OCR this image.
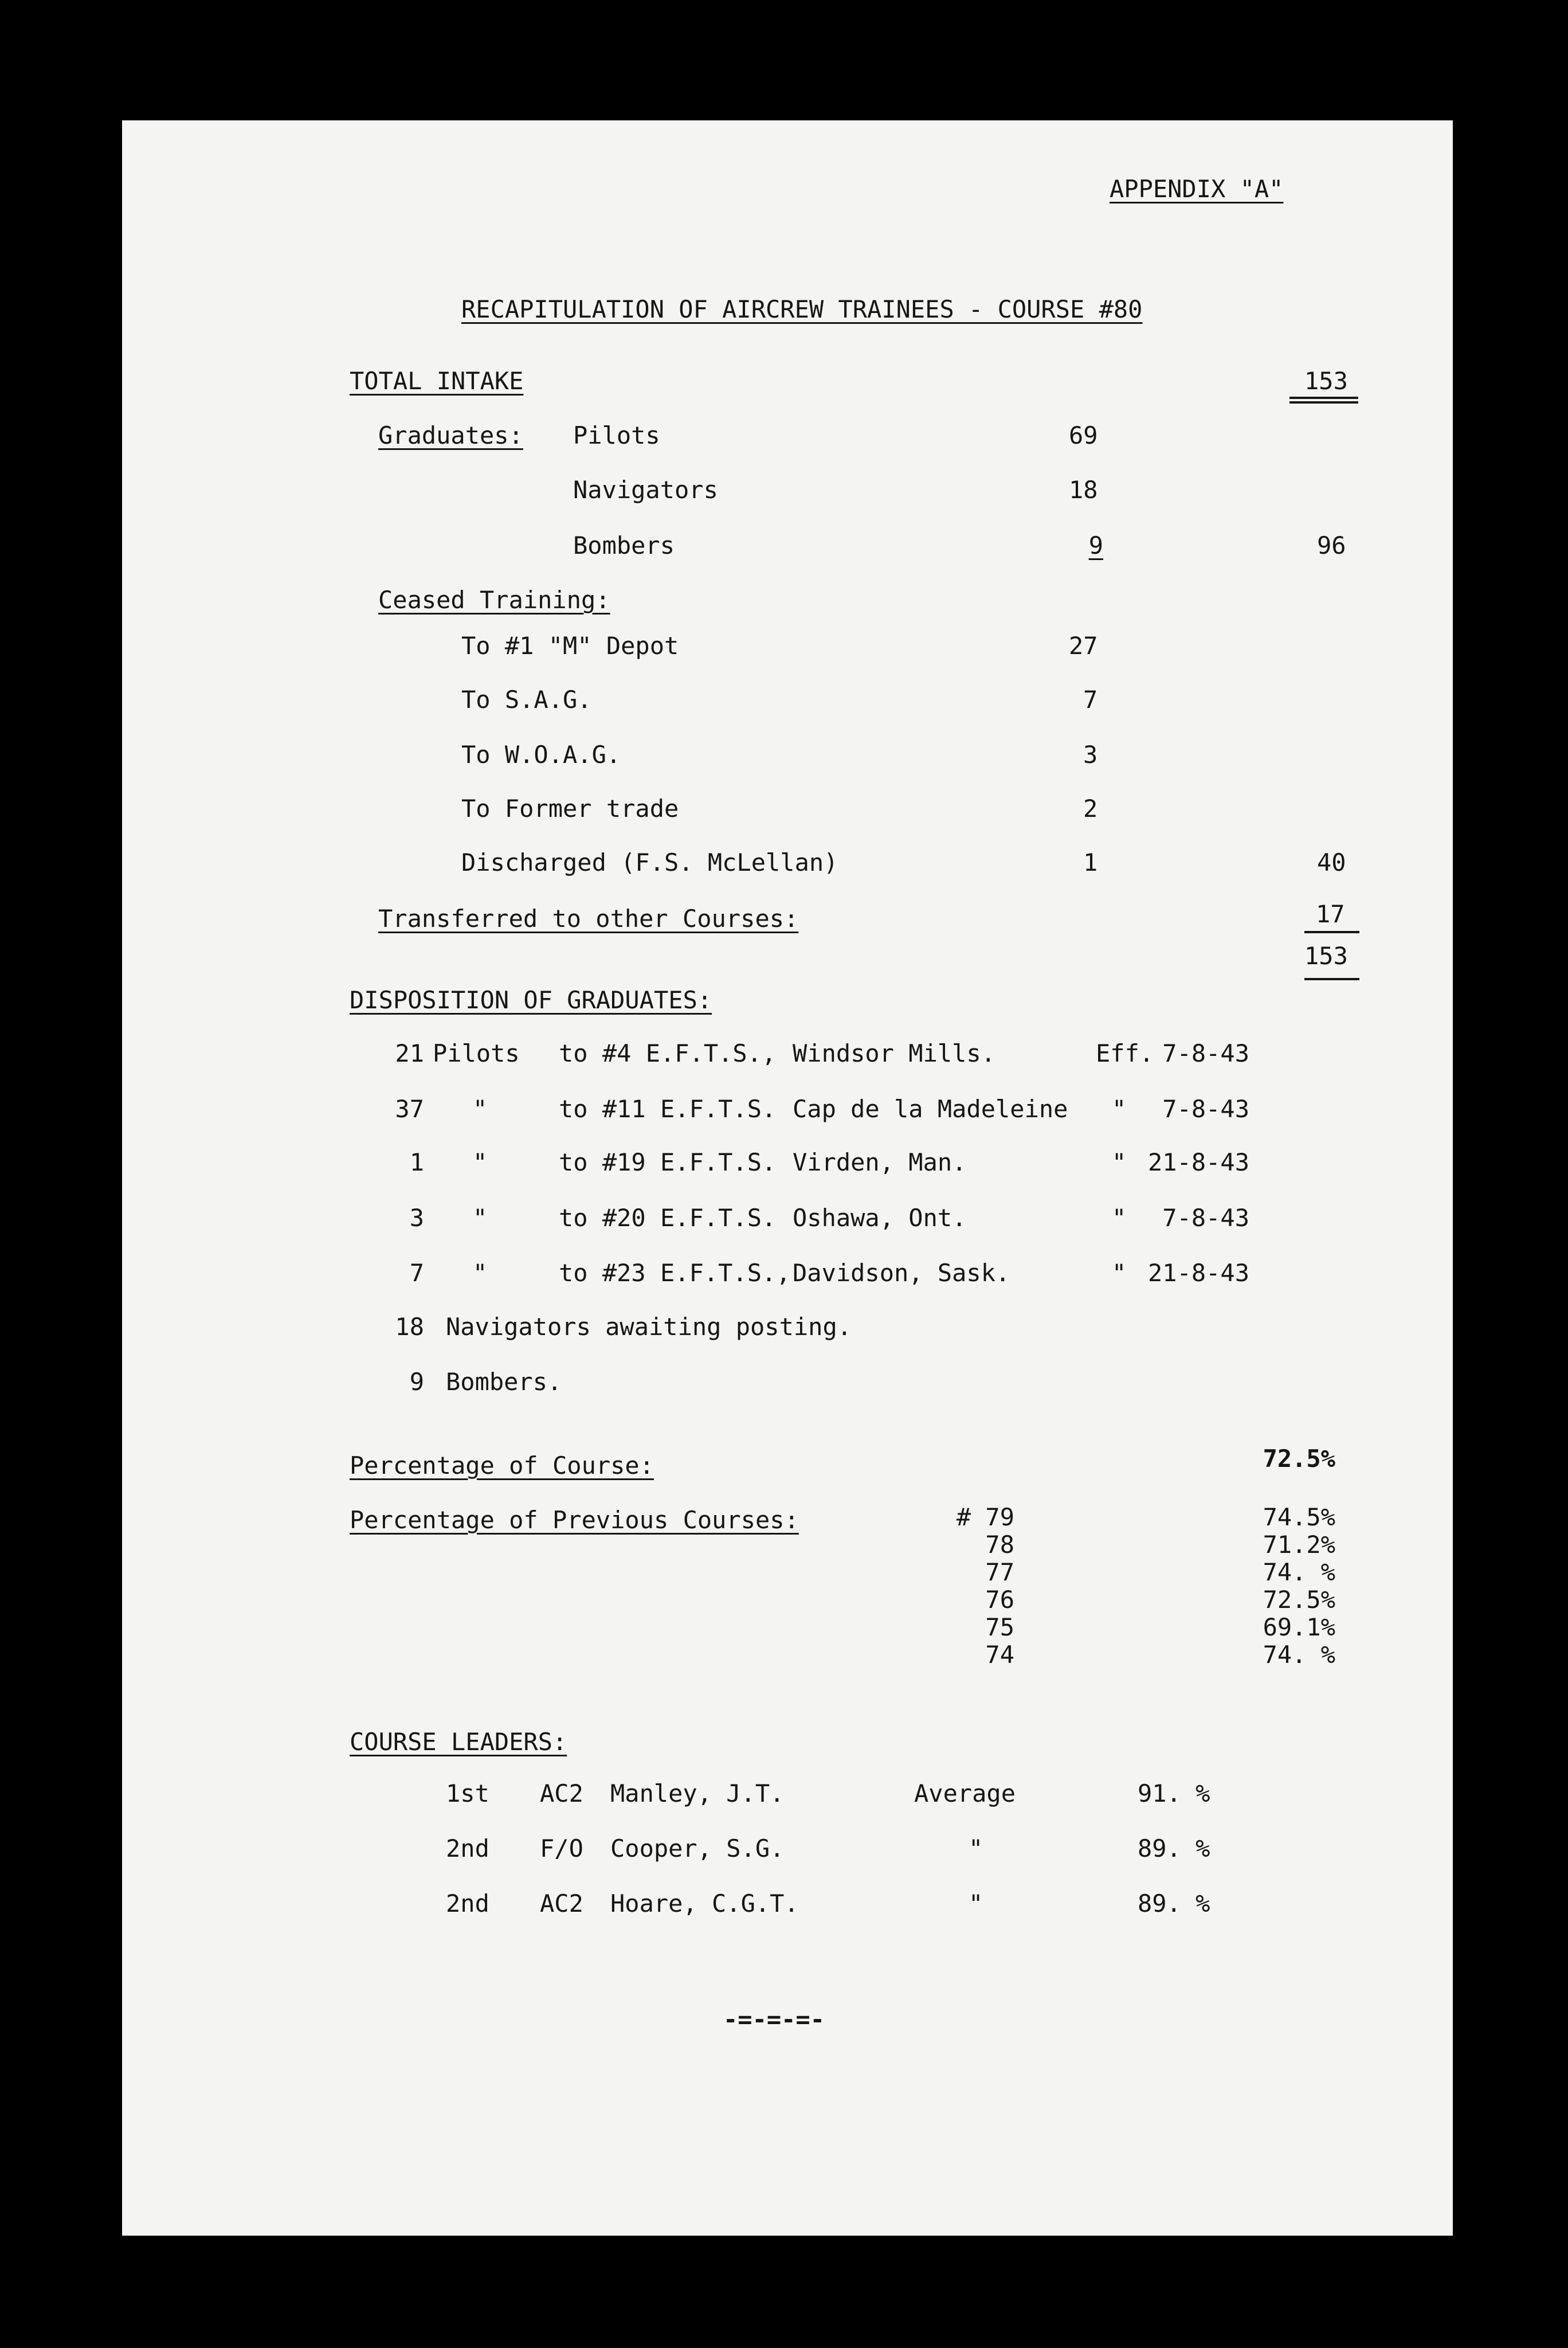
APPENDIX "A"
RECAPITULATION OF AIRCREW TRAINEES - COURSE #80
TOTAL INTAKE	153
Graduates: Pilots	69
Navigators	18
Bombers	9	96
Ceased Training:
To #1 "M" Depot	27
To S.A.G.	7
To W.O.A.G.	3
To Former trade	2
Discharged (F.S. McLellan)	1	40
Transferred to other Courses:	17
153
DISPOSITION OF GRADUATES:
21 Pilots to #4 E.F.T.S., Windsor Mills.	Eff. 7-8-43
37 "	to #11 E.F.T.S. Cap de la Madeleine "	7-8-43
1 "	to #19 E.F.T.S. Virden, Man.	" 21-8-43
3 "	to #20 E.F.T.S. Oshawa, Ont.	"	7-8-43
7 "	to #23 E.F.T.S., Davidson, Sask.	" 21-8-43
18 Navigators awaiting posting.
9 Bombers.
Percentage of Course:	72.5%
Percentage of Previous Courses:	# 79	74.5%
78	71.2%
77	74. %
76	72.5%
75	69.1%
74	74. %
COURSE LEADERS:
1st AC2 Manley, J.T.	Average	91. %
2nd F/O Cooper, S.G.	"	89. %
2nd AC2 Hoare, C.G.T.	"	89. %
-=-=-=-
